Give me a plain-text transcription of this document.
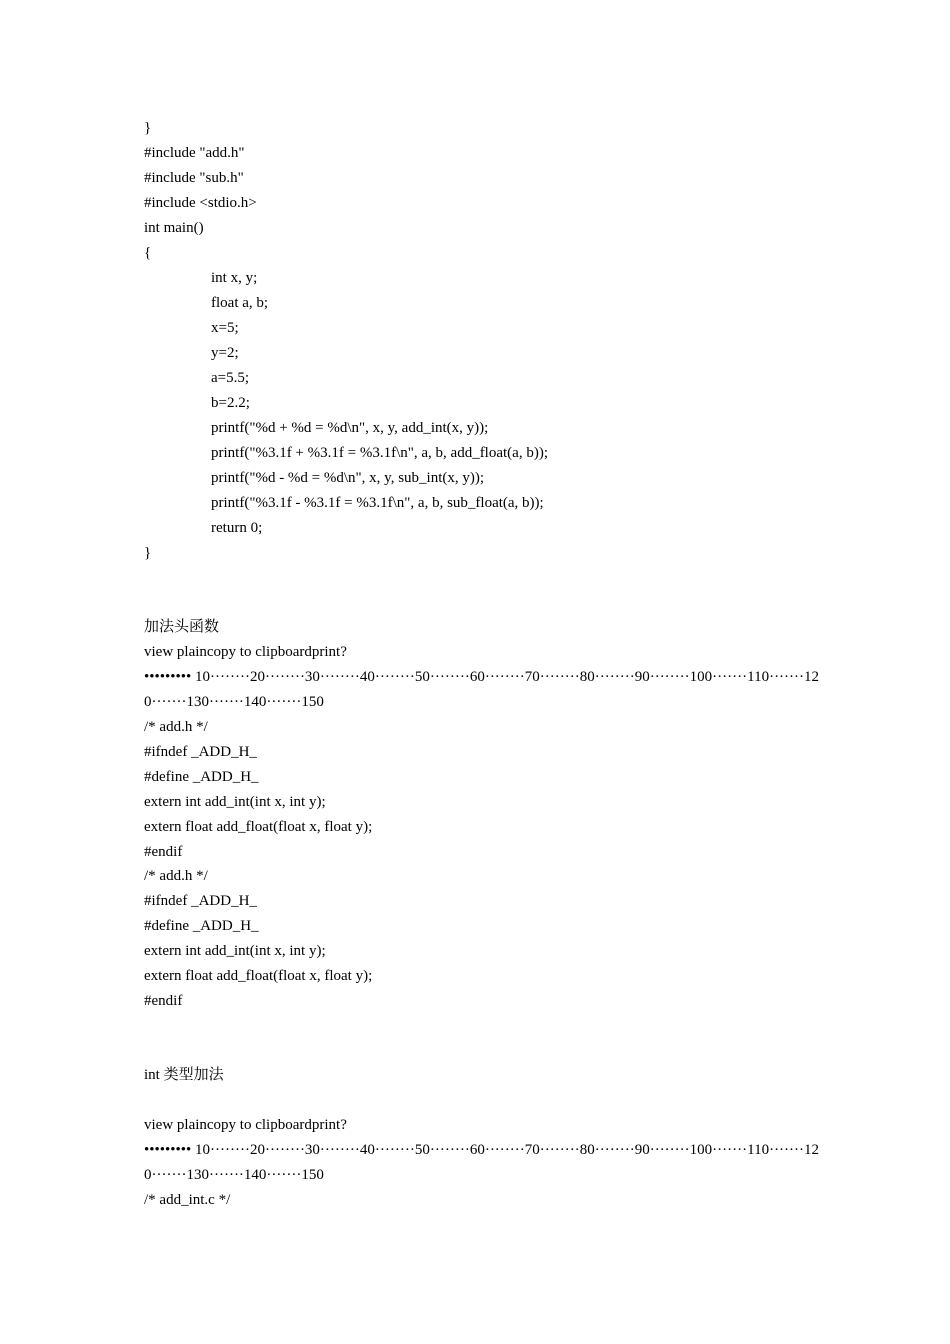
}
#include "add.h"
#include "sub.h"
#include <stdio.h>
int main()
{
int x, y;
float a, b;
x=5;
y=2;
a=5.5;
b=2.2;
printf("%d + %d = %d\n", x, y, add_int(x, y));
printf("%3.1f + %3.1f = %3.1f\n", a, b, add_float(a, b));
printf("%d - %d = %d\n", x, y, sub_int(x, y));
printf("%3.1f - %3.1f = %3.1f\n", a, b, sub_float(a, b));
return 0;
}
加法头函数
view plaincopy to clipboardprint?
••••••••• 10········20········30········40········50········60········70········80········90········100·······110·······12
0·······130·······140·······150
/* add.h */
#ifndef _ADD_H_
#define _ADD_H_
extern int add_int(int x, int y);
extern float add_float(float x, float y);
#endif
/* add.h */
#ifndef _ADD_H_
#define _ADD_H_
extern int add_int(int x, int y);
extern float add_float(float x, float y);
#endif
int 类型加法
view plaincopy to clipboardprint?
••••••••• 10········20········30········40········50········60········70········80········90········100·······110·······12
0·······130·······140·······150
/* add_int.c */
